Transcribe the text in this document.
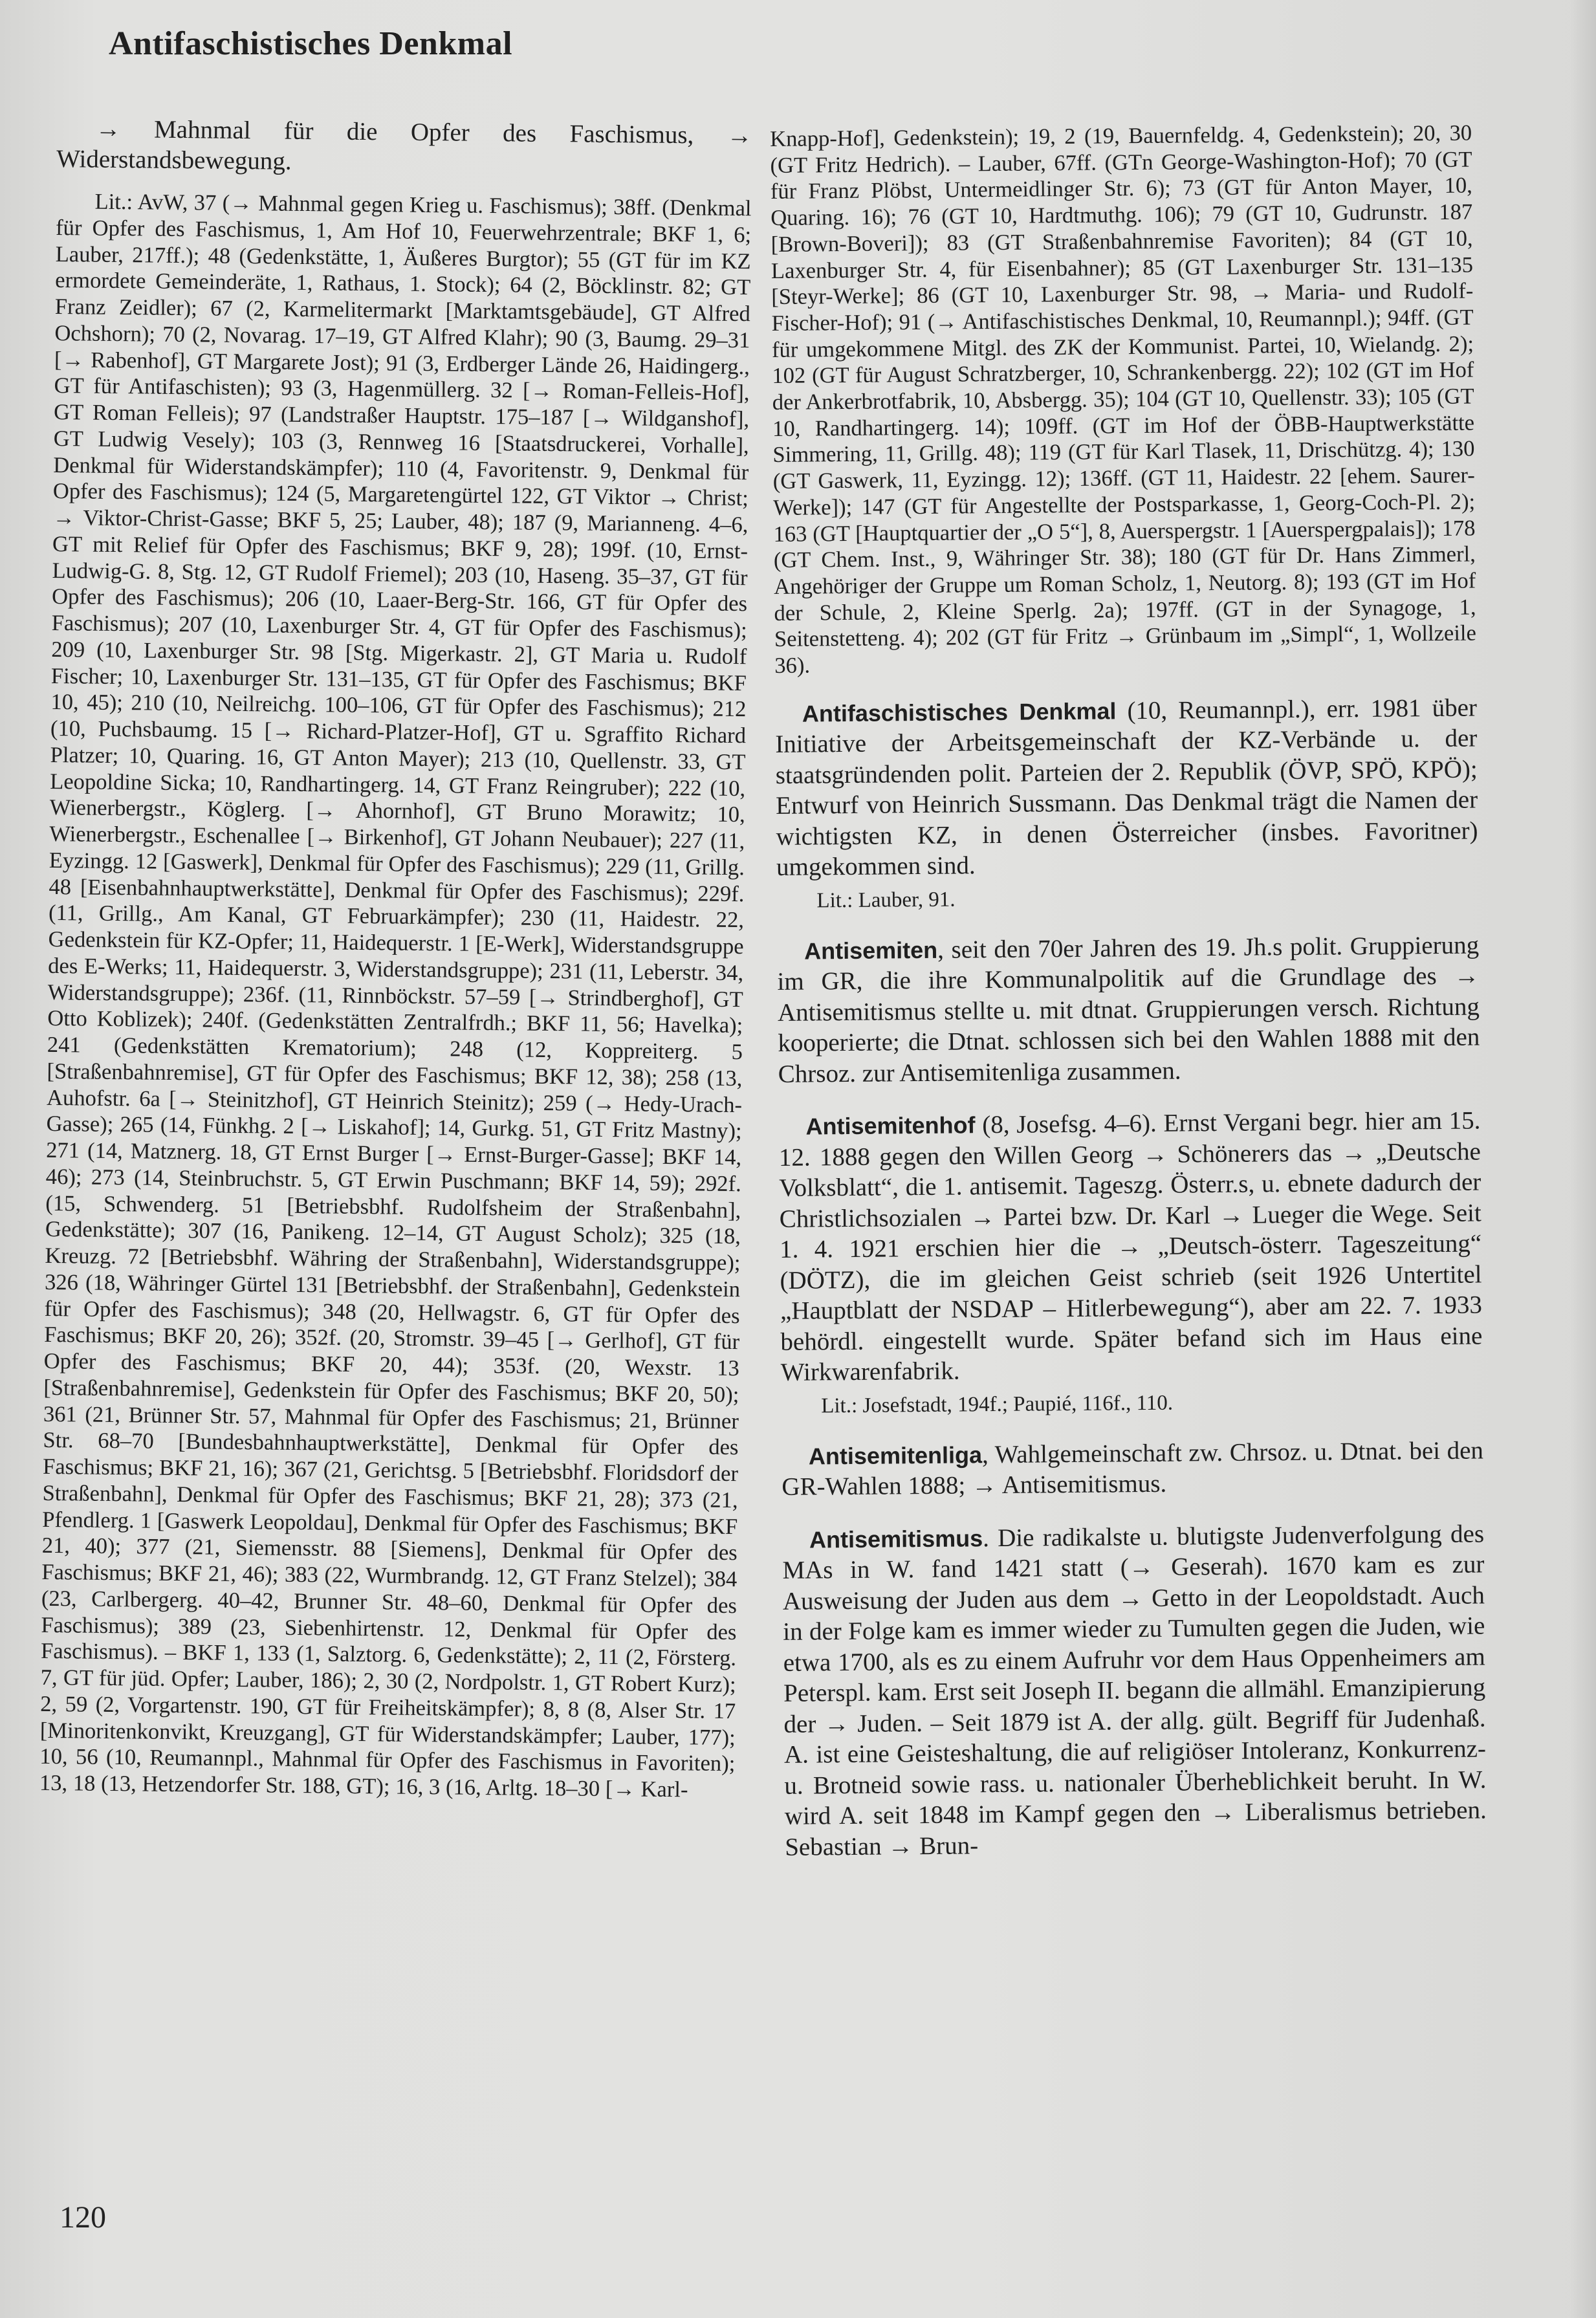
Antifaschistisches Denkmal

→ Mahnmal für die Opfer des Faschismus, → Widerstandsbewegung.

Lit.: AvW, 37 (→ Mahnmal gegen Krieg u. Faschismus); 38ff. (Denkmal für Opfer des Faschismus, 1, Am Hof 10, Feuerwehrzentrale; BKF 1, 6; Lauber, 217ff.); 48 (Gedenkstätte, 1, Äußeres Burgtor); 55 (GT für im KZ ermordete Gemeinderäte, 1, Rathaus, 1. Stock); 64 (2, Böcklinstr. 82; GT Franz Zeidler); 67 (2, Karmelitermarkt [Marktamtsgebäude], GT Alfred Ochshorn); 70 (2, Novarag. 17–19, GT Alfred Klahr); 90 (3, Baumg. 29–31 [→ Rabenhof], GT Margarete Jost); 91 (3, Erdberger Lände 26, Haidingerg., GT für Antifaschisten); 93 (3, Hagenmüllerg. 32 [→ Roman-Felleis-Hof], GT Roman Felleis); 97 (Landstraßer Hauptstr. 175–187 [→ Wildganshof], GT Ludwig Vesely); 103 (3, Rennweg 16 [Staatsdruckerei, Vorhalle], Denkmal für Widerstandskämpfer); 110 (4, Favoritenstr. 9, Denkmal für Opfer des Faschismus); 124 (5, Margaretengürtel 122, GT Viktor → Christ; → Viktor-Christ-Gasse; BKF 5, 25; Lauber, 48); 187 (9, Marianneng. 4–6, GT mit Relief für Opfer des Faschismus; BKF 9, 28); 199f. (10, Ernst-Ludwig-G. 8, Stg. 12, GT Rudolf Friemel); 203 (10, Haseng. 35–37, GT für Opfer des Faschismus); 206 (10, Laaer-Berg-Str. 166, GT für Opfer des Faschismus); 207 (10, Laxenburger Str. 4, GT für Opfer des Faschismus); 209 (10, Laxenburger Str. 98 [Stg. Migerkastr. 2], GT Maria u. Rudolf Fischer; 10, Laxenburger Str. 131–135, GT für Opfer des Faschismus; BKF 10, 45); 210 (10, Neilreichg. 100–106, GT für Opfer des Faschismus); 212 (10, Puchsbaumg. 15 [→ Richard-Platzer-Hof], GT u. Sgraffito Richard Platzer; 10, Quaring. 16, GT Anton Mayer); 213 (10, Quellenstr. 33, GT Leopoldine Sicka; 10, Randhartingerg. 14, GT Franz Reingruber); 222 (10, Wienerbergstr., Köglerg. [→ Ahornhof], GT Bruno Morawitz; 10, Wienerbergstr., Eschenallee [→ Birkenhof], GT Johann Neubauer); 227 (11, Eyzingg. 12 [Gaswerk], Denkmal für Opfer des Faschismus); 229 (11, Grillg. 48 [Eisenbahnhauptwerkstätte], Denkmal für Opfer des Faschismus); 229f. (11, Grillg., Am Kanal, GT Februarkämpfer); 230 (11, Haidestr. 22, Gedenkstein für KZ-Opfer; 11, Haidequerstr. 1 [E-Werk], Widerstandsgruppe des E-Werks; 11, Haidequerstr. 3, Widerstandsgruppe); 231 (11, Leberstr. 34, Widerstandsgruppe); 236f. (11, Rinnböckstr. 57–59 [→ Strindberghof], GT Otto Koblizek); 240f. (Gedenkstätten Zentralfrdh.; BKF 11, 56; Havelka); 241 (Gedenkstätten Krematorium); 248 (12, Koppreiterg. 5 [Straßenbahnremise], GT für Opfer des Faschismus; BKF 12, 38); 258 (13, Auhofstr. 6a [→ Steinitzhof], GT Heinrich Steinitz); 259 (→ Hedy-Urach-Gasse); 265 (14, Fünkhg. 2 [→ Liskahof]; 14, Gurkg. 51, GT Fritz Mastny); 271 (14, Matznerg. 18, GT Ernst Burger [→ Ernst-Burger-Gasse]; BKF 14, 46); 273 (14, Steinbruchstr. 5, GT Erwin Puschmann; BKF 14, 59); 292f. (15, Schwenderg. 51 [Betriebsbhf. Rudolfsheim der Straßenbahn], Gedenkstätte); 307 (16, Panikeng. 12–14, GT August Scholz); 325 (18, Kreuzg. 72 [Betriebsbhf. Währing der Straßenbahn], Widerstandsgruppe); 326 (18, Währinger Gürtel 131 [Betriebsbhf. der Straßenbahn], Gedenkstein für Opfer des Faschismus); 348 (20, Hellwagstr. 6, GT für Opfer des Faschismus; BKF 20, 26); 352f. (20, Stromstr. 39–45 [→ Gerlhof], GT für Opfer des Faschismus; BKF 20, 44); 353f. (20, Wexstr. 13 [Straßenbahnremise], Gedenkstein für Opfer des Faschismus; BKF 20, 50); 361 (21, Brünner Str. 57, Mahnmal für Opfer des Faschismus; 21, Brünner Str. 68–70 [Bundesbahnhauptwerkstätte], Denkmal für Opfer des Faschismus; BKF 21, 16); 367 (21, Gerichtsg. 5 [Betriebsbhf. Floridsdorf der Straßenbahn], Denkmal für Opfer des Faschismus; BKF 21, 28); 373 (21, Pfendlerg. 1 [Gaswerk Leopoldau], Denkmal für Opfer des Faschismus; BKF 21, 40); 377 (21, Siemensstr. 88 [Siemens], Denkmal für Opfer des Faschismus; BKF 21, 46); 383 (22, Wurmbrandg. 12, GT Franz Stelzel); 384 (23, Carlbergerg. 40–42, Brunner Str. 48–60, Denkmal für Opfer des Faschismus); 389 (23, Siebenhirtenstr. 12, Denkmal für Opfer des Faschismus). – BKF 1, 133 (1, Salztorg. 6, Gedenkstätte); 2, 11 (2, Försterg. 7, GT für jüd. Opfer; Lauber, 186); 2, 30 (2, Nordpolstr. 1, GT Robert Kurz); 2, 59 (2, Vorgartenstr. 190, GT für Freiheitskämpfer); 8, 8 (8, Alser Str. 17 [Minoritenkonvikt, Kreuzgang], GT für Widerstandskämpfer; Lauber, 177); 10, 56 (10, Reumannpl., Mahnmal für Opfer des Faschismus in Favoriten); 13, 18 (13, Hetzendorfer Str. 188, GT); 16, 3 (16, Arltg. 18–30 [→ Karl-

Knapp-Hof], Gedenkstein); 19, 2 (19, Bauernfeldg. 4, Gedenkstein); 20, 30 (GT Fritz Hedrich). – Lauber, 67ff. (GTn George-Washington-Hof); 70 (GT für Franz Plöbst, Untermeidlinger Str. 6); 73 (GT für Anton Mayer, 10, Quaring. 16); 76 (GT 10, Hardtmuthg. 106); 79 (GT 10, Gudrunstr. 187 [Brown-Boveri]); 83 (GT Straßenbahnremise Favoriten); 84 (GT 10, Laxenburger Str. 4, für Eisenbahner); 85 (GT Laxenburger Str. 131–135 [Steyr-Werke]; 86 (GT 10, Laxenburger Str. 98, → Maria- und Rudolf-Fischer-Hof); 91 (→ Antifaschistisches Denkmal, 10, Reumannpl.); 94ff. (GT für umgekommene Mitgl. des ZK der Kommunist. Partei, 10, Wielandg. 2); 102 (GT für August Schratzberger, 10, Schrankenbergg. 22); 102 (GT im Hof der Ankerbrotfabrik, 10, Absbergg. 35); 104 (GT 10, Quellenstr. 33); 105 (GT 10, Randhartingerg. 14); 109ff. (GT im Hof der ÖBB-Hauptwerkstätte Simmering, 11, Grillg. 48); 119 (GT für Karl Tlasek, 11, Drischützg. 4); 130 (GT Gaswerk, 11, Eyzingg. 12); 136ff. (GT 11, Haidestr. 22 [ehem. Saurer-Werke]); 147 (GT für Angestellte der Postsparkasse, 1, Georg-Coch-Pl. 2); 163 (GT [Hauptquartier der „O 5“], 8, Auerspergstr. 1 [Auerspergpalais]); 178 (GT Chem. Inst., 9, Währinger Str. 38); 180 (GT für Dr. Hans Zimmerl, Angehöriger der Gruppe um Roman Scholz, 1, Neutorg. 8); 193 (GT im Hof der Schule, 2, Kleine Sperlg. 2a); 197ff. (GT in der Synagoge, 1, Seitenstetteng. 4); 202 (GT für Fritz → Grünbaum im „Simpl“, 1, Wollzeile 36).

Antifaschistisches Denkmal (10, Reumannpl.), err. 1981 über Initiative der Arbeitsgemeinschaft der KZ-Verbände u. der staatsgründenden polit. Parteien der 2. Republik (ÖVP, SPÖ, KPÖ); Entwurf von Heinrich Sussmann. Das Denkmal trägt die Namen der wichtigsten KZ, in denen Österreicher (insbes. Favoritner) umgekommen sind.

Lit.: Lauber, 91.

Antisemiten, seit den 70er Jahren des 19. Jh.s polit. Gruppierung im GR, die ihre Kommunalpolitik auf die Grundlage des → Antisemitismus stellte u. mit dtnat. Gruppierungen versch. Richtung kooperierte; die Dtnat. schlossen sich bei den Wahlen 1888 mit den Chrsoz. zur Antisemitenliga zusammen.

Antisemitenhof (8, Josefsg. 4–6). Ernst Vergani begr. hier am 15. 12. 1888 gegen den Willen Georg → Schönerers das → „Deutsche Volksblatt“, die 1. antisemit. Tageszg. Österr.s, u. ebnete dadurch der Christlichsozialen → Partei bzw. Dr. Karl → Lueger die Wege. Seit 1. 4. 1921 erschien hier die → „Deutsch-österr. Tageszeitung“ (DÖTZ), die im gleichen Geist schrieb (seit 1926 Untertitel „Hauptblatt der NSDAP – Hitlerbewegung“), aber am 22. 7. 1933 behördl. eingestellt wurde. Später befand sich im Haus eine Wirkwarenfabrik.

Lit.: Josefstadt, 194f.; Paupié, 116f., 110.

Antisemitenliga, Wahlgemeinschaft zw. Chrsoz. u. Dtnat. bei den GR-Wahlen 1888; → Antisemitismus.

Antisemitismus. Die radikalste u. blutigste Judenverfolgung des MAs in W. fand 1421 statt (→ Geserah). 1670 kam es zur Ausweisung der Juden aus dem → Getto in der Leopoldstadt. Auch in der Folge kam es immer wieder zu Tumulten gegen die Juden, wie etwa 1700, als es zu einem Aufruhr vor dem Haus Oppenheimers am Peterspl. kam. Erst seit Joseph II. begann die allmähl. Emanzipierung der → Juden. – Seit 1879 ist A. der allg. gült. Begriff für Judenhaß. A. ist eine Geisteshaltung, die auf religiöser Intoleranz, Konkurrenz- u. Brotneid sowie rass. u. nationaler Überheblichkeit beruht. In W. wird A. seit 1848 im Kampf gegen den → Liberalismus betrieben. Sebastian → Brun-

120
